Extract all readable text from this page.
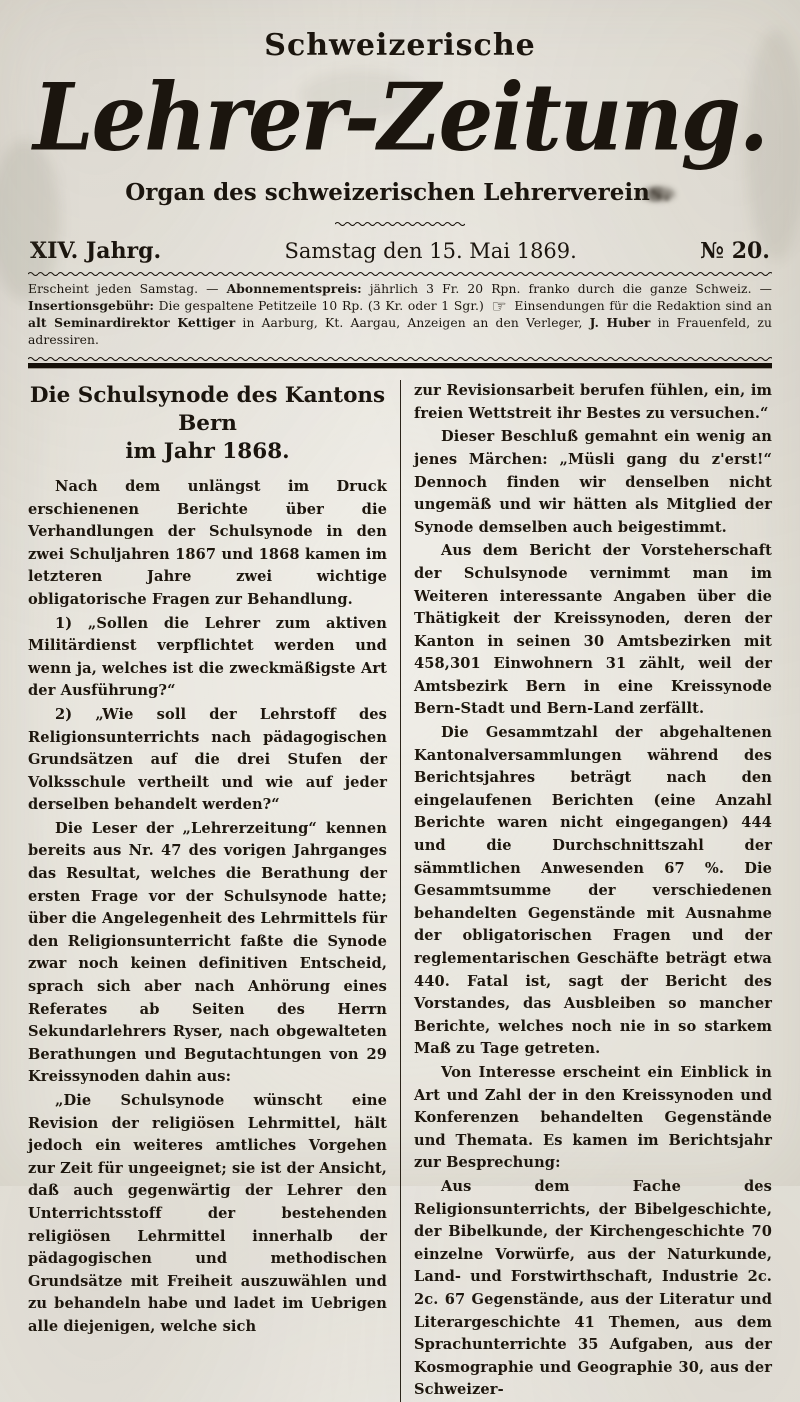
Schweizerische
Lehrer-Zeitung.
Organ des schweizerischen Lehrervereins.
XIV. Jahrg.	Samstag den 15. Mai 1869.	№ 20.
Erscheint jeden Samstag. — Abonnementspreis: jährlich 3 Fr. 20 Rpn. franko durch die ganze Schweiz. — Insertionsgebühr: Die gespaltene Petitzeile 10 Rp. (3 Kr. oder 1 Sgr.) ☞ Einsendungen für die Redaktion sind an alt Seminardirektor Kettiger in Aarburg, Kt. Aargau, Anzeigen an den Verleger, J. Huber in Frauenfeld, zu adressiren.
Die Schulsynode des Kantons Bern
im Jahr 1868.

Nach dem unlängst im Druck erschienenen Berichte über die Verhandlungen der Schulsynode in den zwei Schuljahren 1867 und 1868 kamen im letzteren Jahre zwei wichtige obligatorische Fragen zur Behandlung.

1) „Sollen die Lehrer zum aktiven Militärdienst verpflichtet werden und wenn ja, welches ist die zweckmäßigste Art der Ausführung?“

2) „Wie soll der Lehrstoff des Religionsunterrichts nach pädagogischen Grundsätzen auf die drei Stufen der Volksschule vertheilt und wie auf jeder derselben behandelt werden?“

Die Leser der „Lehrerzeitung“ kennen bereits aus Nr. 47 des vorigen Jahrganges das Resultat, welches die Berathung der ersten Frage vor der Schulsynode hatte; über die Angelegenheit des Lehrmittels für den Religionsunterricht faßte die Synode zwar noch keinen definitiven Entscheid, sprach sich aber nach Anhörung eines Referates ab Seiten des Herrn Sekundarlehrers Ryser, nach obgewalteten Berathungen und Begutachtungen von 29 Kreissynoden dahin aus:

„Die Schulsynode wünscht eine Revision der religiösen Lehrmittel, hält jedoch ein weiteres amtliches Vorgehen zur Zeit für ungeeignet; sie ist der Ansicht, daß auch gegenwärtig der Lehrer den Unterrichtsstoff der bestehenden religiösen Lehrmittel innerhalb der pädagogischen und methodischen Grundsätze mit Freiheit auszuwählen und zu behandeln habe und ladet im Uebrigen alle diejenigen, welche sich

zur Revisionsarbeit berufen fühlen, ein, im freien Wettstreit ihr Bestes zu versuchen.“

Dieser Beschluß gemahnt ein wenig an jenes Märchen: „Müsli gang du z'erst!“ Dennoch finden wir denselben nicht ungemäß und wir hätten als Mitglied der Synode demselben auch beigestimmt.

Aus dem Bericht der Vorsteherschaft der Schulsynode vernimmt man im Weiteren interessante Angaben über die Thätigkeit der Kreissynoden, deren der Kanton in seinen 30 Amtsbezirken mit 458,301 Einwohnern 31 zählt, weil der Amtsbezirk Bern in eine Kreissynode Bern-Stadt und Bern-Land zerfällt.

Die Gesammtzahl der abgehaltenen Kantonalversammlungen während des Berichtsjahres beträgt nach den eingelaufenen Berichten (eine Anzahl Berichte waren nicht eingegangen) 444 und die Durchschnittszahl der sämmtlichen Anwesenden 67 %. Die Gesammtsumme der verschiedenen behandelten Gegenstände mit Ausnahme der obligatorischen Fragen und der reglementarischen Geschäfte beträgt etwa 440. Fatal ist, sagt der Bericht des Vorstandes, das Ausbleiben so mancher Berichte, welches noch nie in so starkem Maß zu Tage getreten.

Von Interesse erscheint ein Einblick in Art und Zahl der in den Kreissynoden und Konferenzen behandelten Gegenstände und Themata. Es kamen im Berichtsjahr zur Besprechung:

Aus dem Fache des Religionsunterrichts, der Bibelgeschichte, der Bibelkunde, der Kirchengeschichte 70 einzelne Vorwürfe, aus der Naturkunde, Land- und Forstwirthschaft, Industrie 2c. 2c. 67 Gegenstände, aus der Literatur und Literargeschichte 41 Themen, aus dem Sprachunterrichte 35 Aufgaben, aus der Kosmographie und Geographie 30, aus der Schweizer-
